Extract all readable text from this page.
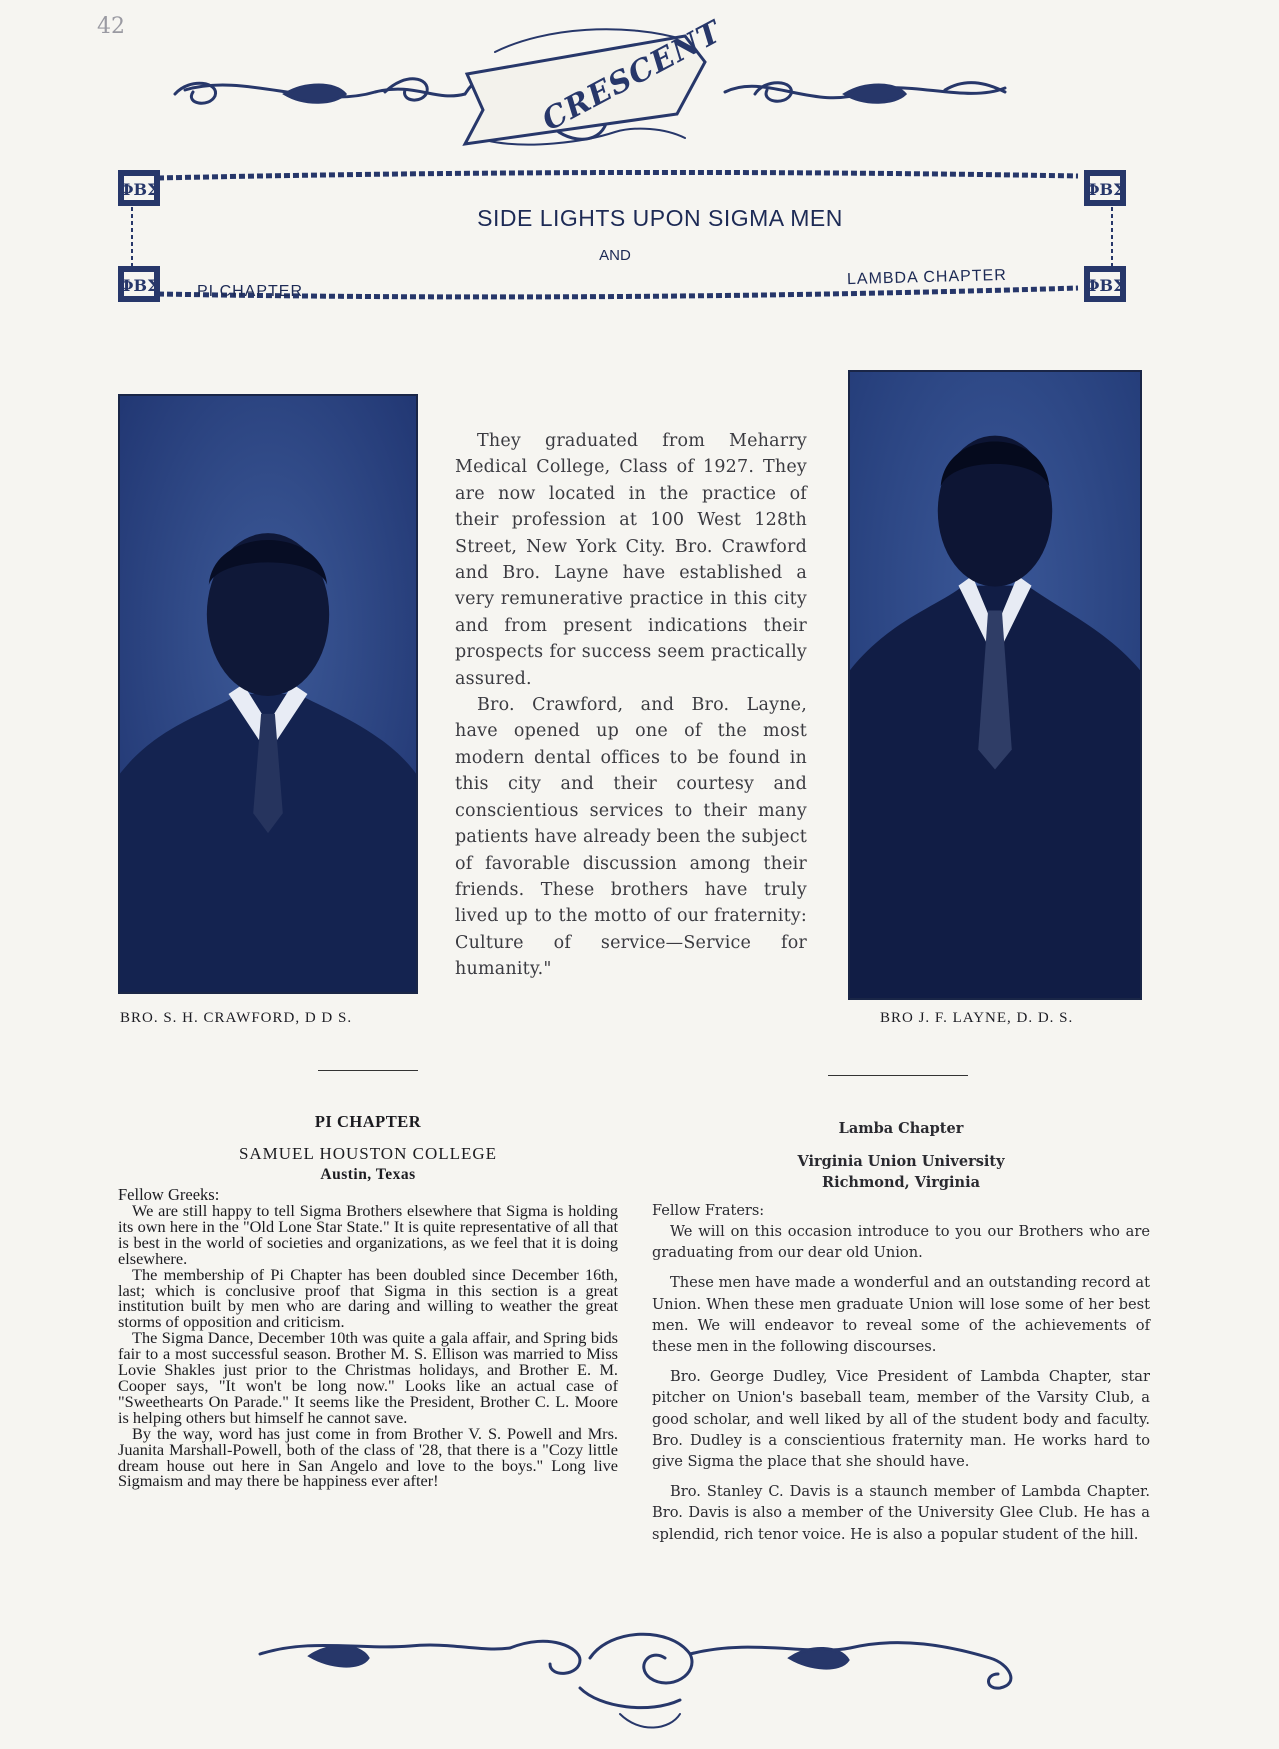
42	CRESCENT
ΦΒΣ
ΦΒΣ
ΦΒΣ
ΦΒΣ
SIDE LIGHTS UPON SIGMA MEN
AND
PI CHAPTER
LAMBDA CHAPTER
BRO. S. H. CRAWFORD, D D S.	BRO J. F. LAYNE, D. D. S.

They graduated from Meharry Medical College, Class of 1927. They are now located in the practice of their profession at 100 West 128th Street, New York City. Bro. Crawford and Bro. Layne have established a very remunerative practice in this city and from present indications their prospects for success seem practically assured.

Bro. Crawford, and Bro. Layne, have opened up one of the most modern dental offices to be found in this city and their courtesy and conscientious services to their many patients have already been the subject of favorable discussion among their friends. These brothers have truly lived up to the motto of our fraternity: Culture of service—Service for humanity."

PI CHAPTER
SAMUEL HOUSTON COLLEGE
Austin, Texas
Fellow Greeks:

We are still happy to tell Sigma Brothers elsewhere that Sigma is holding its own here in the "Old Lone Star State." It is quite representative of all that is best in the world of societies and organizations, as we feel that it is doing elsewhere.

The membership of Pi Chapter has been doubled since December 16th, last; which is conclusive proof that Sigma in this section is a great institution built by men who are daring and willing to weather the great storms of opposition and criticism.

The Sigma Dance, December 10th was quite a gala affair, and Spring bids fair to a most successful season. Brother M. S. Ellison was married to Miss Lovie Shakles just prior to the Christmas holidays, and Brother E. M. Cooper says, "It won't be long now." Looks like an actual case of "Sweethearts On Parade." It seems like the President, Brother C. L. Moore is helping others but himself he cannot save.

By the way, word has just come in from Brother V. S. Powell and Mrs. Juanita Marshall-Powell, both of the class of '28, that there is a "Cozy little dream house out here in San Angelo and love to the boys." Long live Sigmaism and may there be happiness ever after!

Lamba Chapter
Virginia Union University
Richmond, Virginia
Fellow Fraters:

We will on this occasion introduce to you our Brothers who are graduating from our dear old Union.

These men have made a wonderful and an outstanding record at Union. When these men graduate Union will lose some of her best men. We will endeavor to reveal some of the achievements of these men in the following discourses.

Bro. George Dudley, Vice President of Lambda Chapter, star pitcher on Union's baseball team, member of the Varsity Club, a good scholar, and well liked by all of the student body and faculty. Bro. Dudley is a conscientious fraternity man. He works hard to give Sigma the place that she should have.

Bro. Stanley C. Davis is a staunch member of Lambda Chapter. Bro. Davis is also a member of the University Glee Club. He has a splendid, rich tenor voice. He is also a popular student of the hill.
